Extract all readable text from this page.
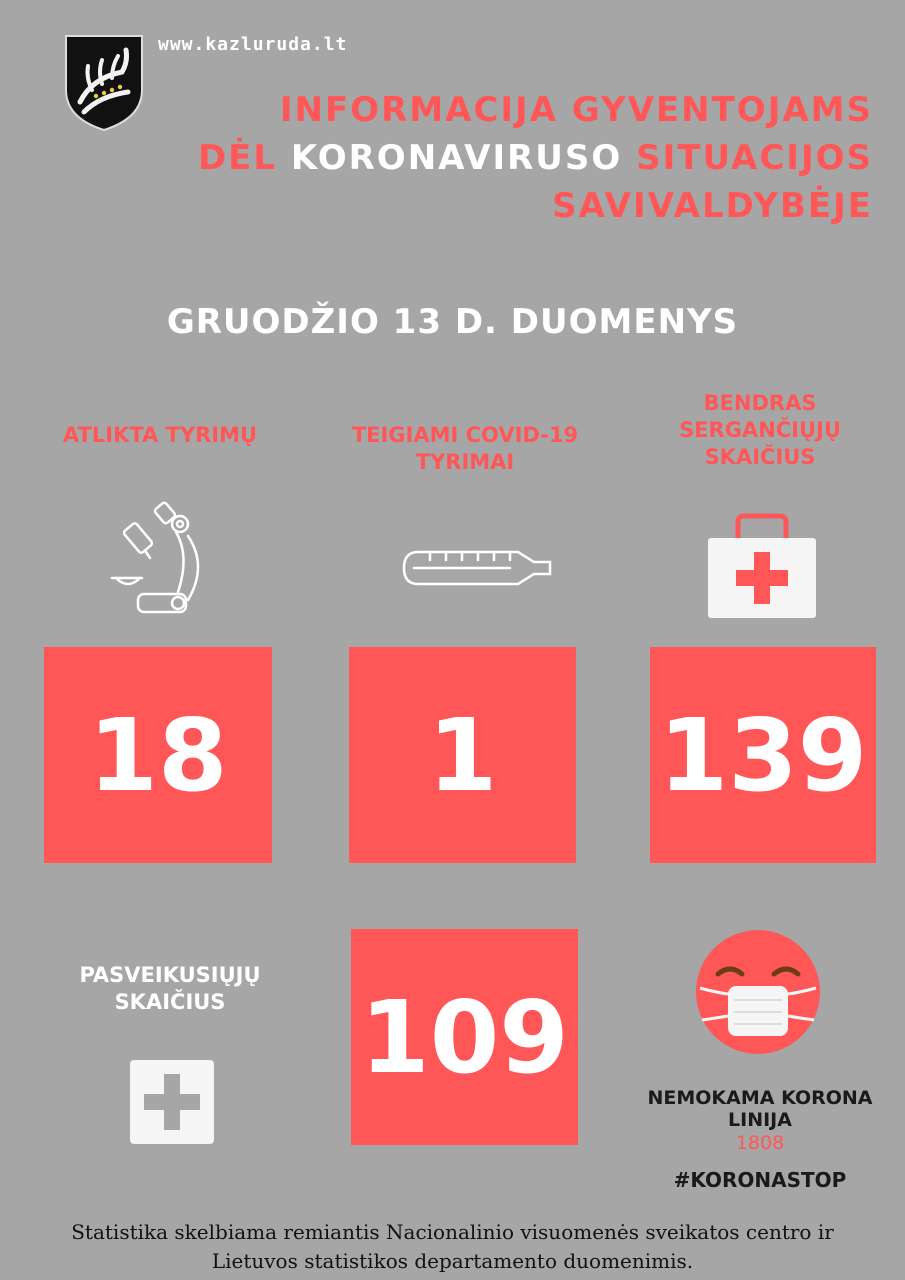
www.kazluruda.lt
INFORMACIJA GYVENTOJAMS
DĖL KORONAVIRUSO SITUACIJOS
SAVIVALDYBĖJE
GRUODŽIO 13 D. DUOMENYS
ATLIKTA TYRIMŲ	TEIGIAMI COVID-19
TYRIMAI
BENDRAS
SERGANČIŲJŲ
SKAIČIUS
18 1 139
PASVEIKUSIŲJŲ
SKAIČIUS	109
NEMOKAMA KORONA
LINIJA
1808
#KORONASTOP
Statistika skelbiama remiantis Nacionalinio visuomenės sveikatos centro ir
Lietuvos statistikos departamento duomenimis.
